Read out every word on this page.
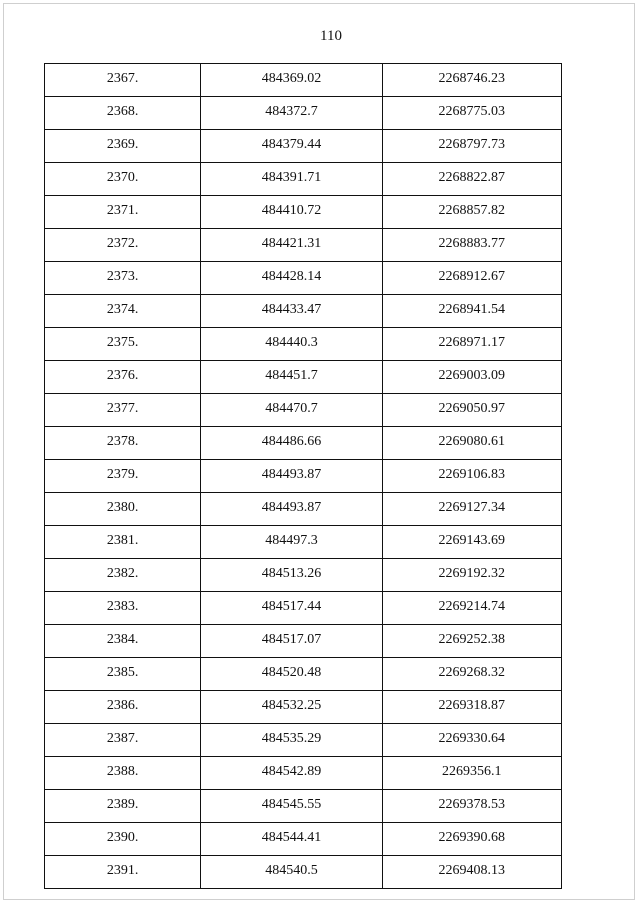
110
2367.	484369.02	2268746.23
2368.	484372.7	2268775.03
2369.	484379.44	2268797.73
2370.	484391.71	2268822.87
2371.	484410.72	2268857.82
2372.	484421.31	2268883.77
2373.	484428.14	2268912.67
2374.	484433.47	2268941.54
2375.	484440.3	2268971.17
2376.	484451.7	2269003.09
2377.	484470.7	2269050.97
2378.	484486.66	2269080.61
2379.	484493.87	2269106.83
2380.	484493.87	2269127.34
2381.	484497.3	2269143.69
2382.	484513.26	2269192.32
2383.	484517.44	2269214.74
2384.	484517.07	2269252.38
2385.	484520.48	2269268.32
2386.	484532.25	2269318.87
2387.	484535.29	2269330.64
2388.	484542.89	2269356.1
2389.	484545.55	2269378.53
2390.	484544.41	2269390.68
2391.	484540.5	2269408.13
